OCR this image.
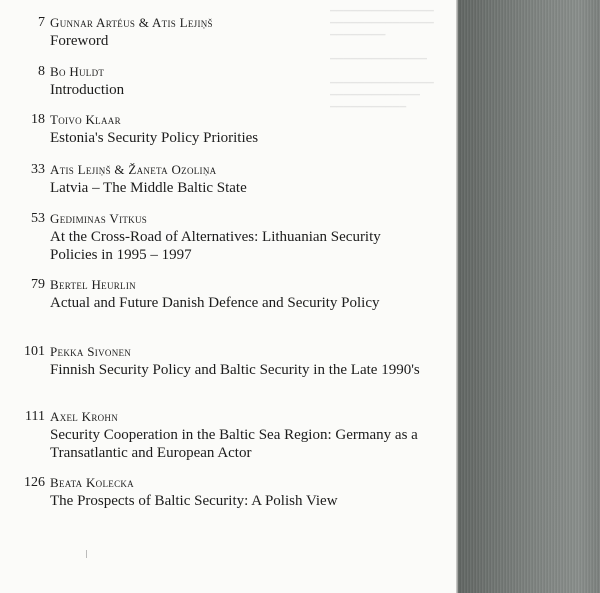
▁▁▁▁▁▁▁▁▁▁▁▁▁▁▁
▁▁▁▁▁▁▁▁▁▁▁▁▁▁▁
▁▁▁▁▁▁▁▁

▁▁▁▁▁▁▁▁▁▁▁▁▁▁

▁▁▁▁▁▁▁▁▁▁▁▁▁▁▁
▁▁▁▁▁▁▁▁▁▁▁▁▁
▁▁▁▁▁▁▁▁▁▁▁
7 Gunnar Artéus & Atis Lejiņš
Foreword
8 Bo Huldt
Introduction
18 Toivo Klaar
Estonia's Security Policy Priorities
33 Atis Lejiņš & Žaneta Ozoliņa
Latvia – The Middle Baltic State
53 Gediminas Vitkus
At the Cross-Road of Alternatives: Lithuanian Security Policies in 1995 – 1997
79 Bertel Heurlin
Actual and Future Danish Defence and Security Policy
101 Pekka Sivonen
Finnish Security Policy and Baltic Security in the Late 1990's
111 Axel Krohn
Security Cooperation in the Baltic Sea Region: Germany as a Transatlantic and European Actor
126 Beata Kolecka
The Prospects of Baltic Security: A Polish View
